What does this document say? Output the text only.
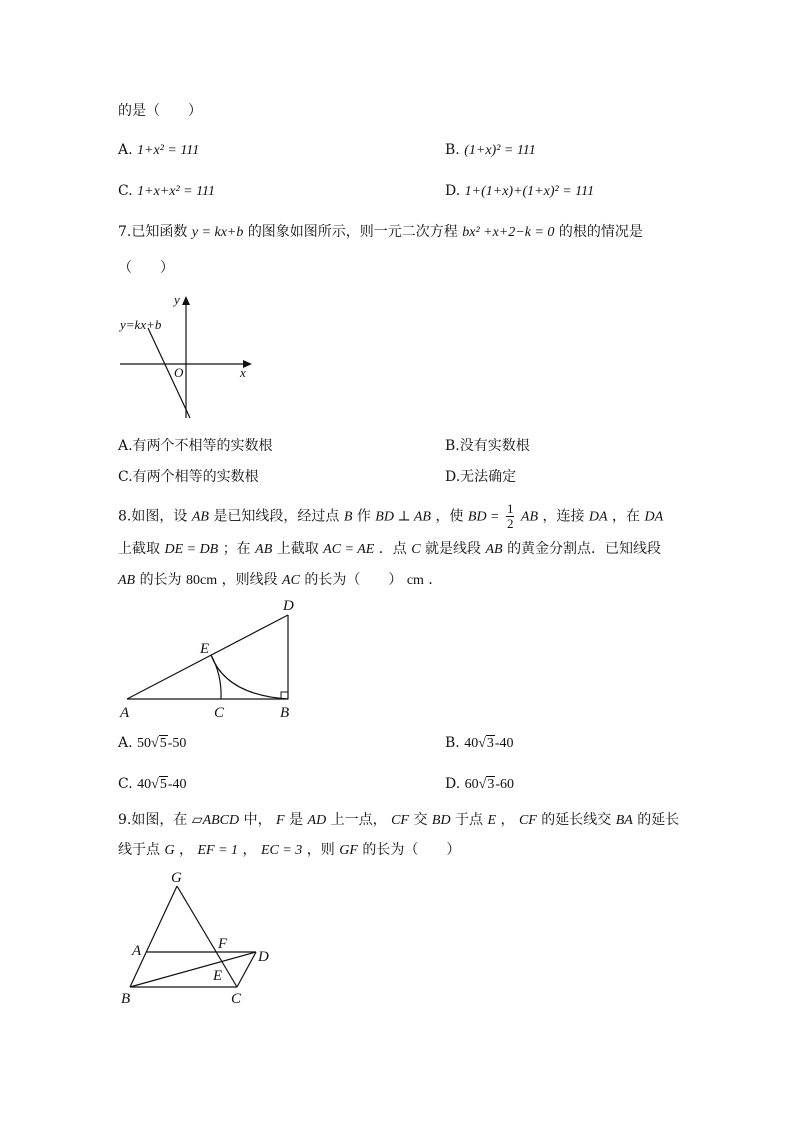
的是（　　）
A. 1+x² = 111	B. (1+x)² = 111
C. 1+x+x² = 111	D. 1+(1+x)+(1+x)² = 111
7.已知函数 y = kx+b 的图象如图所示，则一元二次方程 bx² +x+2−k = 0 的根的情况是
（　　）
y
x
O
y=kx+b
A.有两个不相等的实数根	B.没有实数根
C.有两个相等的实数根	D.无法确定
8.如图，设 AB 是已知线段，经过点 B 作 BD ⊥ AB ，使 BD = $\frac{1}{2}$ AB ，连接 DA ，在 DA
上截取 DE = DB ；在 AB 上截取 AC = AE ．点 C 就是线段 AB 的黄金分割点．已知线段
AB 的长为 80cm ，则线段 AC 的长为（　　） cm ．
A	C	B
D
E
A. 50√5-50	B. 40√3-40
C. 40√5-40	D. 60√3-60
9.如图，在 ▱ABCD 中， F 是 AD 上一点， CF 交 BD 于点 E ， CF 的延长线交 BA 的延长
线于点 G ， EF = 1 ， EC = 3 ，则 GF 的长为（　　）
G
A	F
D
E
B	C
